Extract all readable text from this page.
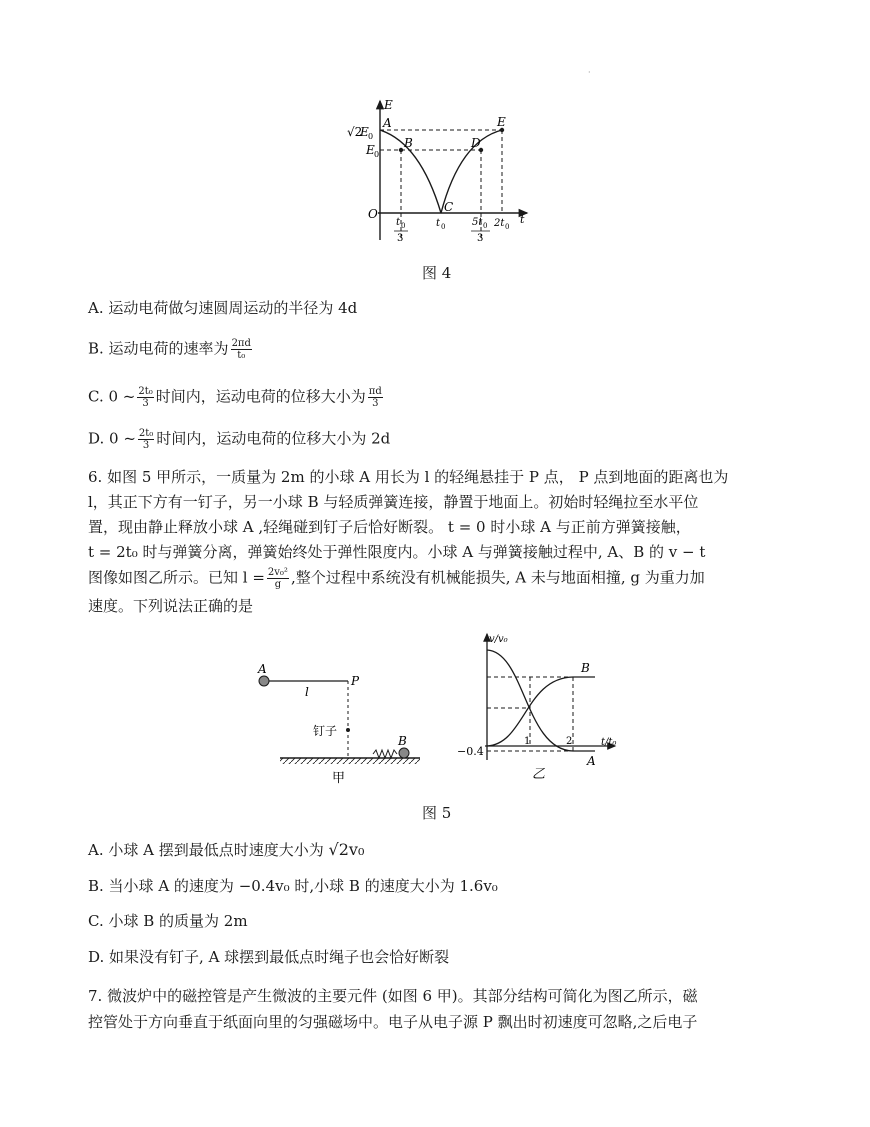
·
E
t
O
√2
E 0
E 0
A
B
C
D
E
t 0
3
t 0	5t 0
3
2t 0
图 4
A. 运动电荷做匀速圆周运动的半径为 4d
B. 运动电荷的速率为 $\frac{2\pi d}{\text{t₀}}$
C. 0 ~ $\frac{\text{2t₀}}{3}$ 时间内，运动电荷的位移大小为 $\frac{\pi d}{3}$
D. 0 ~ $\frac{\text{2t₀}}{3}$ 时间内，运动电荷的位移大小为 2d
6. 如图 5 甲所示，一质量为 2m 的小球 A 用长为 l 的轻绳悬挂于 P 点， P 点到地面的距离也为
l，其正下方有一钉子，另一小球 B 与轻质弹簧连接，静置于地面上。初始时轻绳拉至水平位
置，现由静止释放小球 A ,轻绳碰到钉子后恰好断裂。 t = 0 时小球 A 与正前方弹簧接触，
t = 2t₀ 时与弹簧分离，弹簧始终处于弹性限度内。小球 A 与弹簧接触过程中, A、B 的 v − t
图像如图乙所示。已知 $l = \frac{\text{2v₀²}}{g}$ ,整个过程中系统没有机械能损失, A 未与地面相撞, g 为重力加
速度。下列说法正确的是
A
l
P
钉子
B
甲
v/v₀
t/t₀
−0.4
1	2
B
A
乙
图 5
A. 小球 A 摆到最低点时速度大小为 √2v₀
B. 当小球 A 的速度为 −0.4v₀ 时,小球 B 的速度大小为 1.6v₀
C. 小球 B 的质量为 2m
D. 如果没有钉子, A 球摆到最低点时绳子也会恰好断裂
7. 微波炉中的磁控管是产生微波的主要元件 (如图 6 甲)。其部分结构可简化为图乙所示，磁
控管处于方向垂直于纸面向里的匀强磁场中。电子从电子源 P 飘出时初速度可忽略,之后电子
